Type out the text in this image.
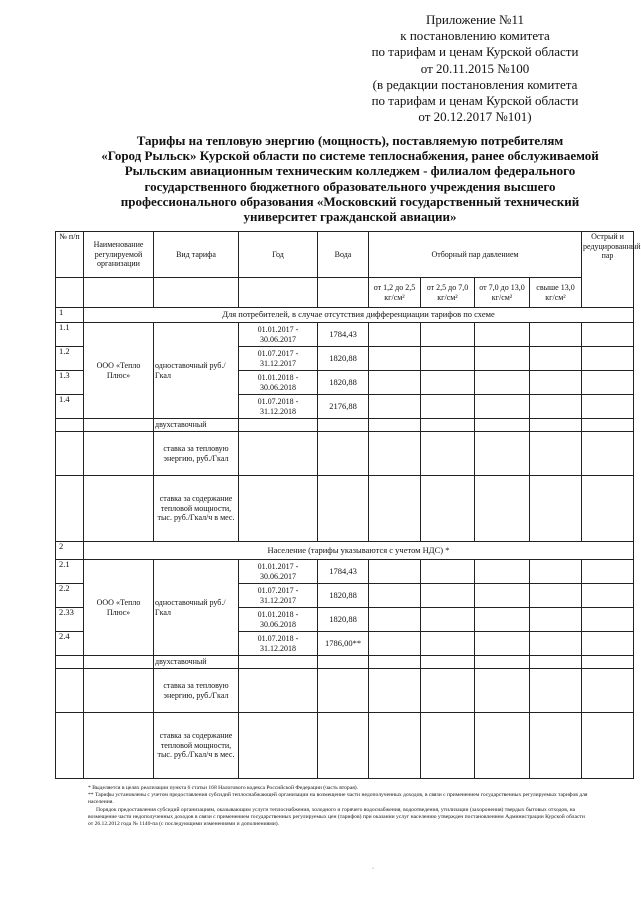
Приложение №11
к постановлению комитета
по тарифам и ценам Курской области
от 20.11.2015 №100
(в редакции постановления комитета
по тарифам и ценам Курской области
от 20.12.2017 №101)
Тарифы на тепловую энергию (мощность), поставляемую потребителям
«Город Рыльск» Курской области по системе теплоснабжения, ранее обслуживаемой
Рыльским авиационным техническим колледжем - филиалом федерального
государственного бюджетного образовательного учреждения высшего
профессионального образования «Московский государственный технический
университет гражданской авиации»
№ п/п	Наименование регулируемой организации	Вид тарифа	Год	Вода	Отборный пар давлением				Острый и редуцированный пар
					от 1,2 до 2,5 кг/см²	от 2,5 до 7,0 кг/см²	от 7,0 до 13,0 кг/см²	свыше 13,0 кг/см²	
1	Для потребителей, в случае отсутствия дифференциации тарифов по схеме								
1.1	ООО «Тепло Плюс»	одноставочный руб./Гкал	01.01.2017 - 30.06.2017	1784,43					
1.2			01.07.2017 - 31.12.2017	1820,88					
1.3			01.01.2018 - 30.06.2018	1820,88					
1.4			01.07.2018 - 31.12.2018	2176,88					
		двухставочный							
		ставка за тепловую энергию, руб./Гкал							
		ставка за содержание тепловой мощности, тыс. руб./Гкал/ч в мес.							
2	Население (тарифы указываются с учетом НДС) *								
2.1	ООО «Тепло Плюс»	одноставочный руб./Гкал	01.01.2017 - 30.06.2017	1784,43					
2.2			01.07.2017 - 31.12.2017	1820,88					
2.33			01.01.2018 - 30.06.2018	1820,88					
2.4			01.07.2018 - 31.12.2018	1786,00**					
		двухставочный							
		ставка за тепловую энергию, руб./Гкал							
		ставка за содержание тепловой мощности, тыс. руб./Гкал/ч в мес.							

* Выделяется в целях реализации пункта 6 статьи 168 Налогового кодекса Российской Федерации (часть вторая).

** Тарифы установлены с учетом предоставления субсидий теплоснабжающей организации на возмещение части недополученных доходов, в связи с применением государственных регулируемых тарифов для населения.

Порядок предоставления субсидий организациям, оказывающим услуги теплоснабжения, холодного и горячего водоснабжения, водоотведения, утилизации (захоронения) твердых бытовых отходов, на возмещение части недополученных доходов в связи с применением государственных регулируемых цен (тарифов) при оказании услуг населению утвержден постановлением Администрации Курской области от 26.12.2012 года № 1140-па (с последующими изменениями и дополнениями).

·
